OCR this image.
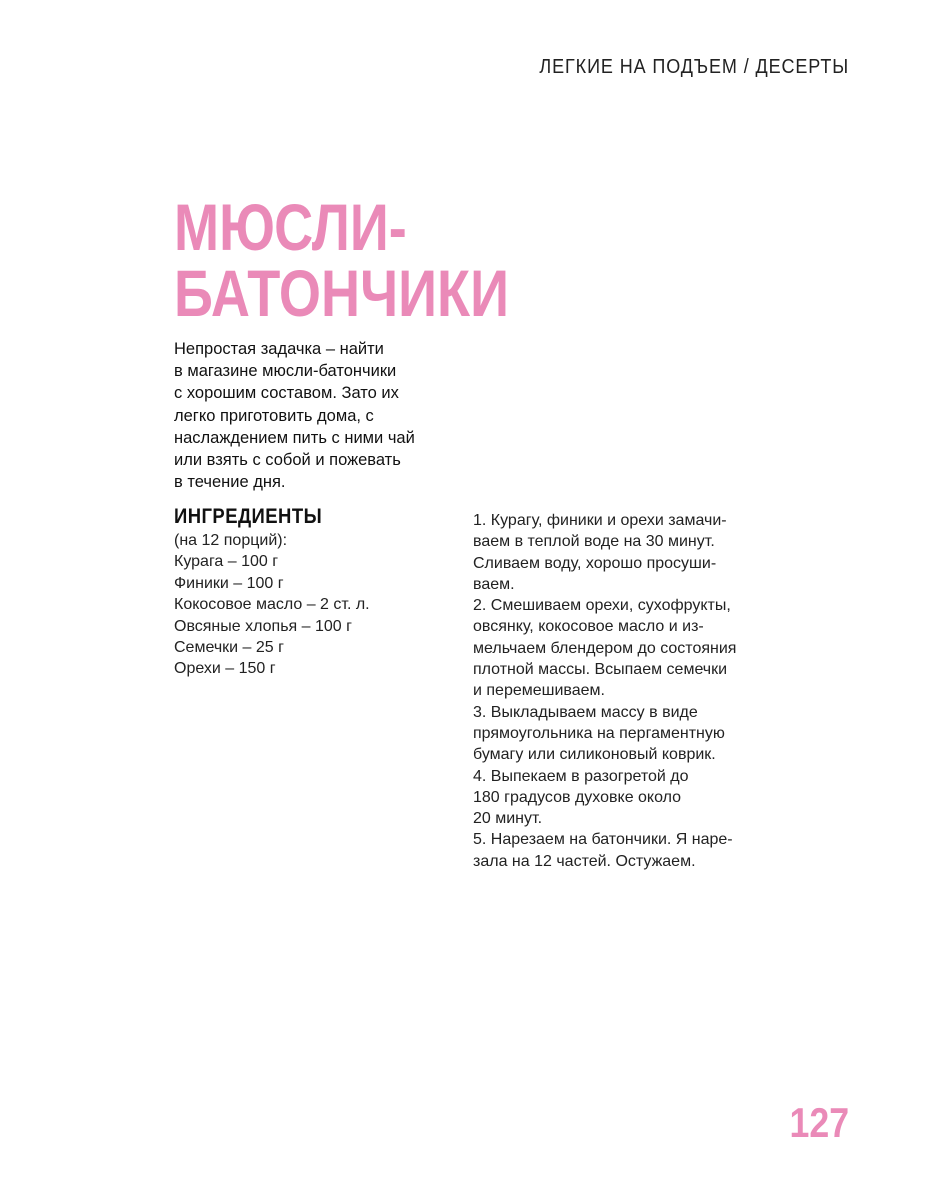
ЛЕГКИЕ НА ПОДЪЕМ / ДЕСЕРТЫ
МЮСЛИ-
БАТОНЧИКИ

Непростая задачка – найти
в магазине мюсли-батончики
с хорошим составом. Зато их
легко приготовить дома, с
наслаждением пить с ними чай
или взять с собой и пожевать
в течение дня.

ИНГРЕДИЕНТЫ
(на 12 порций):
Курага – 100 г
Финики – 100 г
Кокосовое масло – 2 ст. л.
Овсяные хлопья – 100 г
Семечки – 25 г
Орехи – 150 г
1. Курагу, финики и орехи замачи-
ваем в теплой воде на 30 минут.
Сливаем воду, хорошо просуши-
ваем.
2. Смешиваем орехи, сухофрукты,
овсянку, кокосовое масло и из-
мельчаем блендером до состояния
плотной массы. Всыпаем семечки
и перемешиваем.
3. Выкладываем массу в виде
прямоугольника на пергаментную
бумагу или силиконовый коврик.
4. Выпекаем в разогретой до
180 градусов духовке около
20 минут.
5. Нарезаем на батончики. Я наре-
зала на 12 частей. Остужаем.
127
